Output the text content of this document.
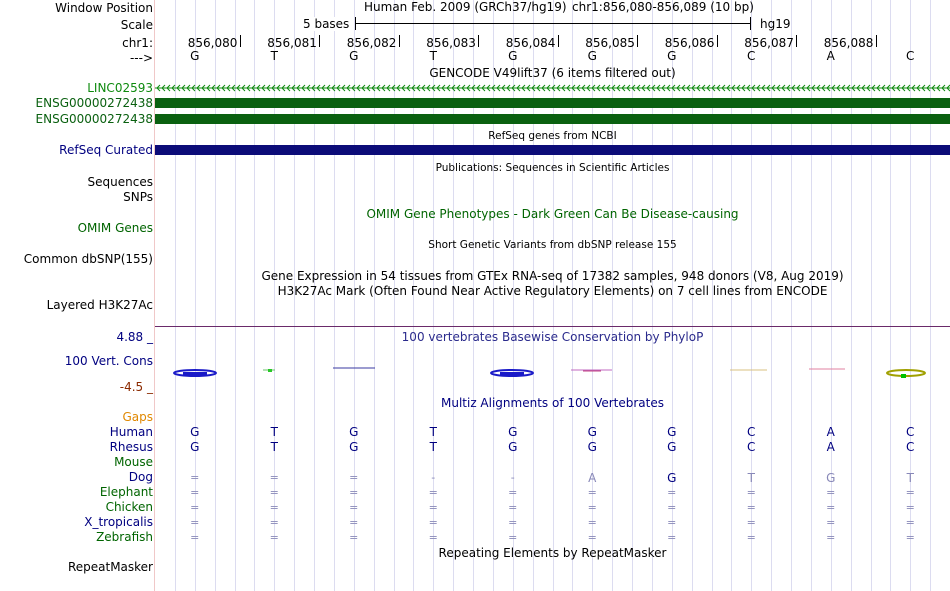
Window Position	Human Feb. 2009 (GRCh37/hg19) chr1:856,080-856,089 (10 bp)
Scale	5 bases	hg19
chr1:	856,080 856,081 856,082 856,083 856,084 856,085 856,086 856,087 856,088
--->	G	T	G	T	G	G	G	C	A	C
GENCODE V49lift37 (6 items filtered out)
LINC02593
ENSG00000272438
ENSG00000272438
RefSeq genes from NCBI
RefSeq Curated
Publications: Sequences in Scientific Articles
Sequences
SNPs
OMIM Gene Phenotypes - Dark Green Can Be Disease-causing
OMIM Genes
Short Genetic Variants from dbSNP release 155
Common dbSNP(155)
Gene Expression in 54 tissues from GTEx RNA-seq of 17382 samples, 948 donors (V8, Aug 2019)
H3K27Ac Mark (Often Found Near Active Regulatory Elements) on 7 cell lines from ENCODE
Layered H3K27Ac
4.88 _	100 vertebrates Basewise Conservation by PhyloP
100 Vert. Cons
-4.5 _
Multiz Alignments of 100 Vertebrates
Gaps
Human	G	T	G	T	G	G	G	C	A	C
Rhesus	G	T	G	T	G	G	G	C	A	C
Mouse
Dog	=	=	=	-	-	A	G	T	G	T
Elephant	=	=	=	=	=	=	=	=	=	=
Chicken	=	=	=	=	=	=	=	=	=	=
X_tropicalis	=	=	=	=	=	=	=	=	=	=
Zebrafish	=	=	=	=	=	=	=	=	=	=
Repeating Elements by RepeatMasker
RepeatMasker
